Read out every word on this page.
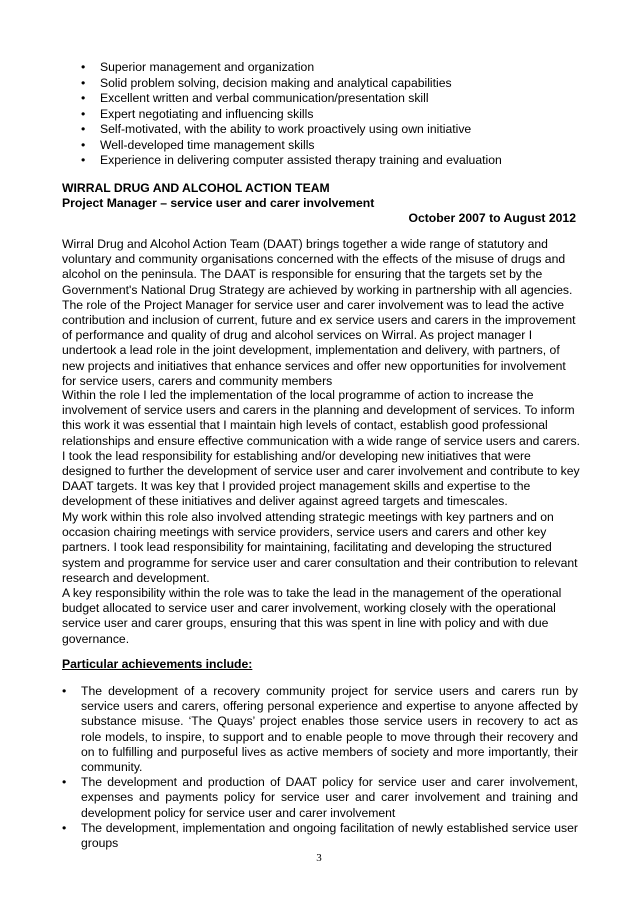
• Superior management and organization
• Solid problem solving, decision making and analytical capabilities
• Excellent written and verbal communication/presentation skill
• Expert negotiating and influencing skills
• Self-motivated, with the ability to work proactively using own initiative
• Well-developed time management skills
• Experience in delivering computer assisted therapy training and evaluation
WIRRAL DRUG AND ALCOHOL ACTION TEAM
Project Manager – service user and carer involvement
October 2007 to August 2012

Wirral Drug and Alcohol Action Team (DAAT) brings together a wide range of statutory and voluntary and community organisations concerned with the effects of the misuse of drugs and alcohol on the peninsula. The DAAT is responsible for ensuring that the targets set by the Government's National Drug Strategy are achieved by working in partnership with all agencies. The role of the Project Manager for service user and carer involvement was to lead the active contribution and inclusion of current, future and ex service users and carers in the improvement of performance and quality of drug and alcohol services on Wirral. As project manager I undertook a lead role in the joint development, implementation and delivery, with partners, of new projects and initiatives that enhance services and offer new opportunities for involvement for service users, carers and community members

Within the role I led the implementation of the local programme of action to increase the involvement of service users and carers in the planning and development of services. To inform this work it was essential that I maintain high levels of contact, establish good professional relationships and ensure effective communication with a wide range of service users and carers. I took the lead responsibility for establishing and/or developing new initiatives that were designed to further the development of service user and carer involvement and contribute to key DAAT targets. It was key that I provided project management skills and expertise to the development of these initiatives and deliver against agreed targets and timescales.

My work within this role also involved attending strategic meetings with key partners and on occasion chairing meetings with service providers, service users and carers and other key partners. I took lead responsibility for maintaining, facilitating and developing the structured system and programme for service user and carer consultation and their contribution to relevant research and development.

A key responsibility within the role was to take the lead in the management of the operational budget allocated to service user and carer involvement, working closely with the operational service user and carer groups, ensuring that this was spent in line with policy and with due governance.

Particular achievements include:
• The development of a recovery community project for service users and carers run by service users and carers, offering personal experience and expertise to anyone affected by substance misuse. ‘The Quays’ project enables those service users in recovery to act as role models, to inspire, to support and to enable people to move through their recovery and on to fulfilling and purposeful lives as active members of society and more importantly, their community.
• The development and production of DAAT policy for service user and carer involvement, expenses and payments policy for service user and carer involvement and training and development policy for service user and carer involvement
• The development, implementation and ongoing facilitation of newly established service user groups
3
